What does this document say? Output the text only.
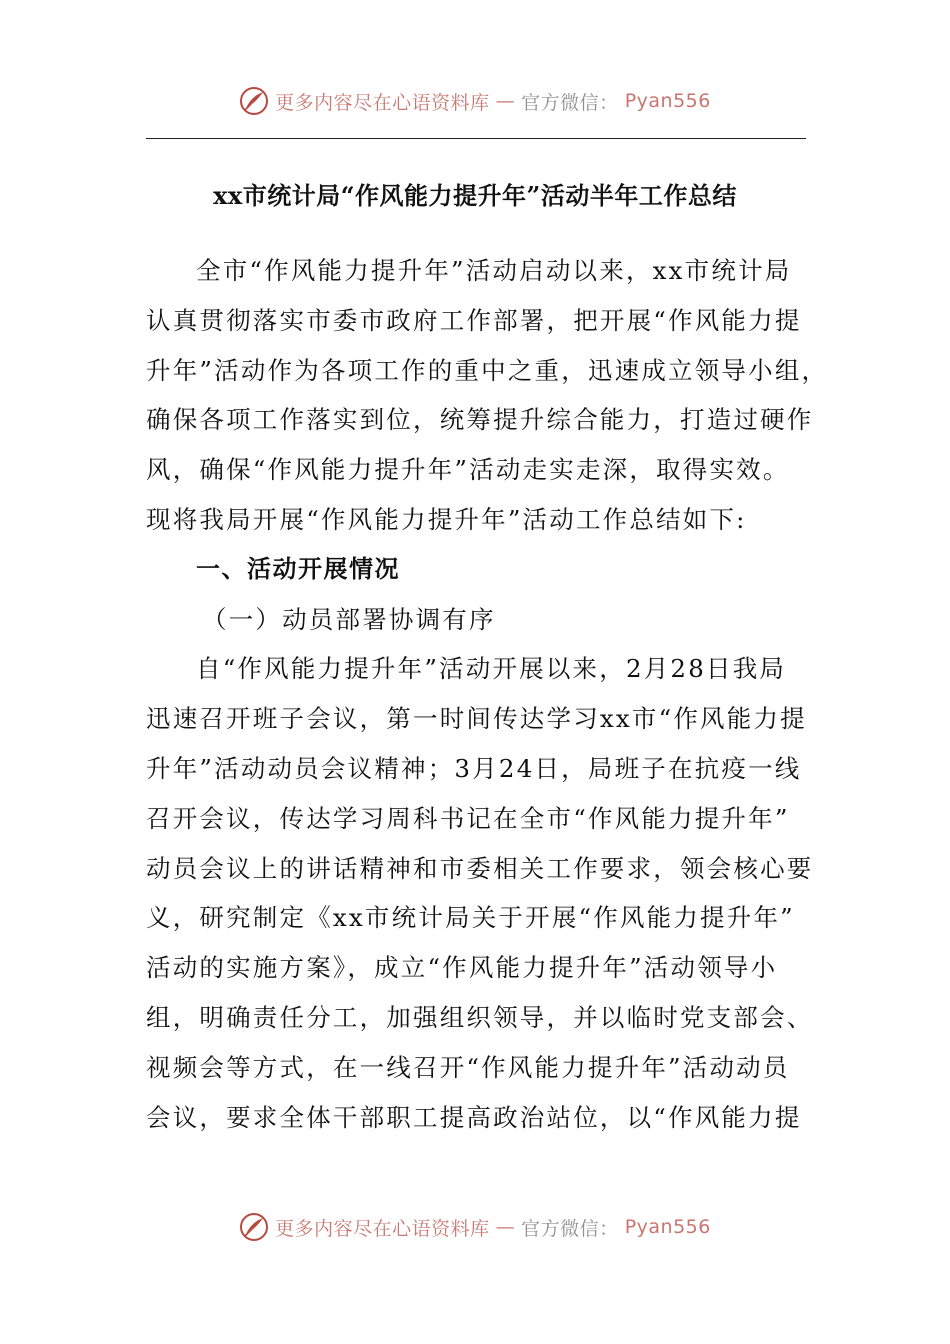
更多内容尽在心语资料库 — 官方微信： Pyan556
xx市统计局“作风能力提升年”活动半年工作总结
全市“作风能力提升年”活动启动以来，xx市统计局
认真贯彻落实市委市政府工作部署，把开展“作风能力提
升年”活动作为各项工作的重中之重，迅速成立领导小组，
确保各项工作落实到位，统筹提升综合能力，打造过硬作
风，确保“作风能力提升年”活动走实走深，取得实效。
现将我局开展“作风能力提升年”活动工作总结如下:
一、活动开展情况
（一）动员部署协调有序
自“作风能力提升年”活动开展以来，2月28日我局
迅速召开班子会议，第一时间传达学习xx市“作风能力提
升年”活动动员会议精神；3月24日，局班子在抗疫一线
召开会议，传达学习周科书记在全市“作风能力提升年”
动员会议上的讲话精神和市委相关工作要求，领会核心要
义，研究制定《xx市统计局关于开展“作风能力提升年”
活动的实施方案》，成立“作风能力提升年”活动领导小
组，明确责任分工，加强组织领导，并以临时党支部会、
视频会等方式，在一线召开“作风能力提升年”活动动员
会议，要求全体干部职工提高政治站位，以“作风能力提
更多内容尽在心语资料库 — 官方微信： Pyan556
